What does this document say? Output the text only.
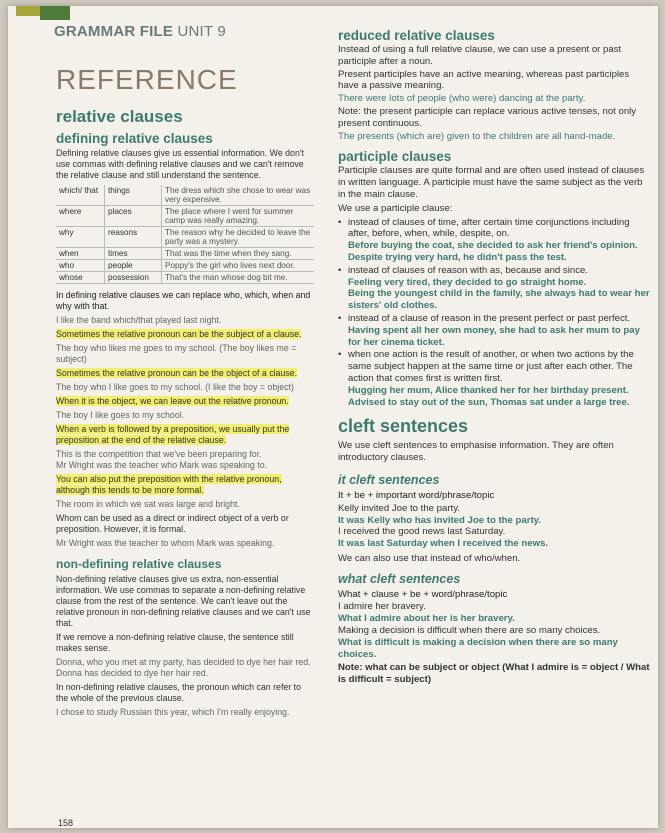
GRAMMAR FILE UNIT 9
REFERENCE
relative clauses
defining relative clauses

Defining relative clauses give us essential information. We don't use commas with defining relative clauses and we can't remove the relative clause and still understand the sentence.

which/ that	things	The dress which she chose to wear was very expensive.
where	places	The place where I went for summer camp was really amazing.
why	reasons	The reason why he decided to leave the party was a mystery.
when	times	That was the time when they sang.
who	people	Poppy's the girl who lives next door.
whose	possession	That's the man whose dog bit me.

In defining relative clauses we can replace who, which, when and why with that.

I like the band which/that played last night.

Sometimes the relative pronoun can be the subject of a clause.

The boy who likes me goes to my school. (The boy likes me = subject)

Sometimes the relative pronoun can be the object of a clause.

The boy who I like goes to my school. (I like the boy = object)

When it is the object, we can leave out the relative pronoun.

The boy I like goes to my school.

When a verb is followed by a preposition, we usually put the preposition at the end of the relative clause.

This is the competition that we've been preparing for.

Mr Wright was the teacher who Mark was speaking to.

You can also put the preposition with the relative pronoun, although this tends to be more formal.

The room in which we sat was large and bright.

Whom can be used as a direct or indirect object of a verb or preposition. However, it is formal.

Mr Wright was the teacher to whom Mark was speaking.

non-defining relative clauses

Non-defining relative clauses give us extra, non-essential information. We use commas to separate a non-defining relative clause from the rest of the sentence. We can't leave out the relative pronoun in non-defining relative clauses and we can't use that.

If we remove a non-defining relative clause, the sentence still makes sense.

Donna, who you met at my party, has decided to dye her hair red.

Donna has decided to dye her hair red.

In non-defining relative clauses, the pronoun which can refer to the whole of the previous clause.

I chose to study Russian this year, which I'm really enjoying.

158
reduced relative clauses

Instead of using a full relative clause, we can use a present or past participle after a noun.

Present participles have an active meaning, whereas past participles have a passive meaning.

There were lots of people (who were) dancing at the party.

Note: the present participle can replace various active tenses, not only present continuous.

The presents (which are) given to the children are all hand-made.

participle clauses

Participle clauses are quite formal and are often used instead of clauses in written language. A participle must have the same subject as the verb in the main clause.

We use a participle clause:

• instead of clauses of time, after certain time conjunctions including after, before, when, while, despite, on.

Before buying the coat, she decided to ask her friend's opinion.

Despite trying very hard, he didn't pass the test.

• instead of clauses of reason with as, because and since.

Feeling very tired, they decided to go straight home.

Being the youngest child in the family, she always had to wear her sisters' old clothes.

• instead of a clause of reason in the present perfect or past perfect.

Having spent all her own money, she had to ask her mum to pay for her cinema ticket.

• when one action is the result of another, or when two actions by the same subject happen at the same time or just after each other. The action that comes first is written first.

Hugging her mum, Alice thanked her for her birthday present.

Advised to stay out of the sun, Thomas sat under a large tree.

cleft sentences

We use cleft sentences to emphasise information. They are often introductory clauses.

it cleft sentences

It + be + important word/phrase/topic

Kelly invited Joe to the party.

It was Kelly who has invited Joe to the party.

I received the good news last Saturday.

It was last Saturday when I received the news.

We can also use that instead of who/when.

what cleft sentences

What + clause + be + word/phrase/topic

I admire her bravery.

What I admire about her is her bravery.

Making a decision is difficult when there are so many choices.

What is difficult is making a decision when there are so many choices.

Note: what can be subject or object (What I admire is = object / What is difficult = subject)
